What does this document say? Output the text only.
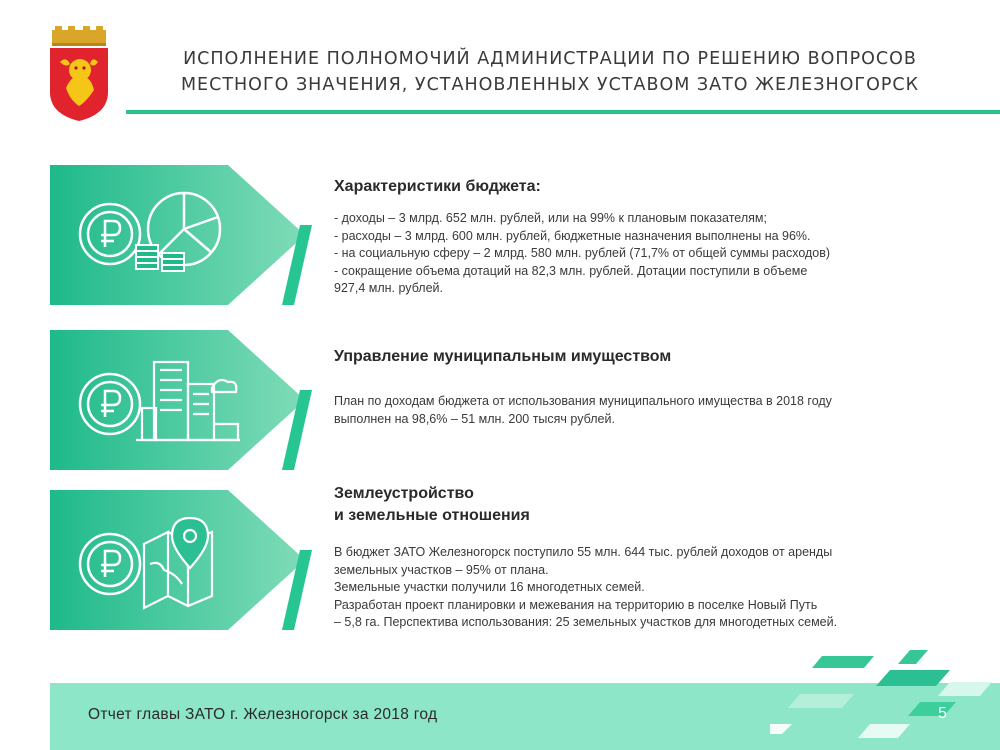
ИСПОЛНЕНИЕ ПОЛНОМОЧИЙ АДМИНИСТРАЦИИ ПО РЕШЕНИЮ ВОПРОСОВ
МЕСТНОГО ЗНАЧЕНИЯ, УСТАНОВЛЕННЫХ УСТАВОМ ЗАТО ЖЕЛЕЗНОГОРСК
Характеристики бюджета:

- доходы – 3 млрд. 652 млн. рублей, или на 99% к плановым показателям;

- расходы – 3 млрд. 600 млн. рублей, бюджетные назначения выполнены на 96%.

- на социальную сферу – 2 млрд. 580 млн. рублей (71,7% от общей суммы расходов)

- сокращение объема дотаций на 82,3 млн. рублей. Дотации поступили в объеме

927,4 млн. рублей.

Управление муниципальным имуществом

План по доходам бюджета от использования муниципального имущества в 2018 году

выполнен на 98,6% – 51 млн. 200 тысяч рублей.

Землеустройство
и земельные отношения

В бюджет ЗАТО Железногорск поступило 55 млн. 644 тыс. рублей доходов от аренды

земельных участков – 95% от плана.

Земельные участки получили 16 многодетных семей.

Разработан проект планировки и межевания на территорию в поселке Новый Путь

– 5,8 га. Перспектива использования: 25 земельных участков для многодетных семей.

Отчет главы ЗАТО г. Железногорск за 2018 год	5
